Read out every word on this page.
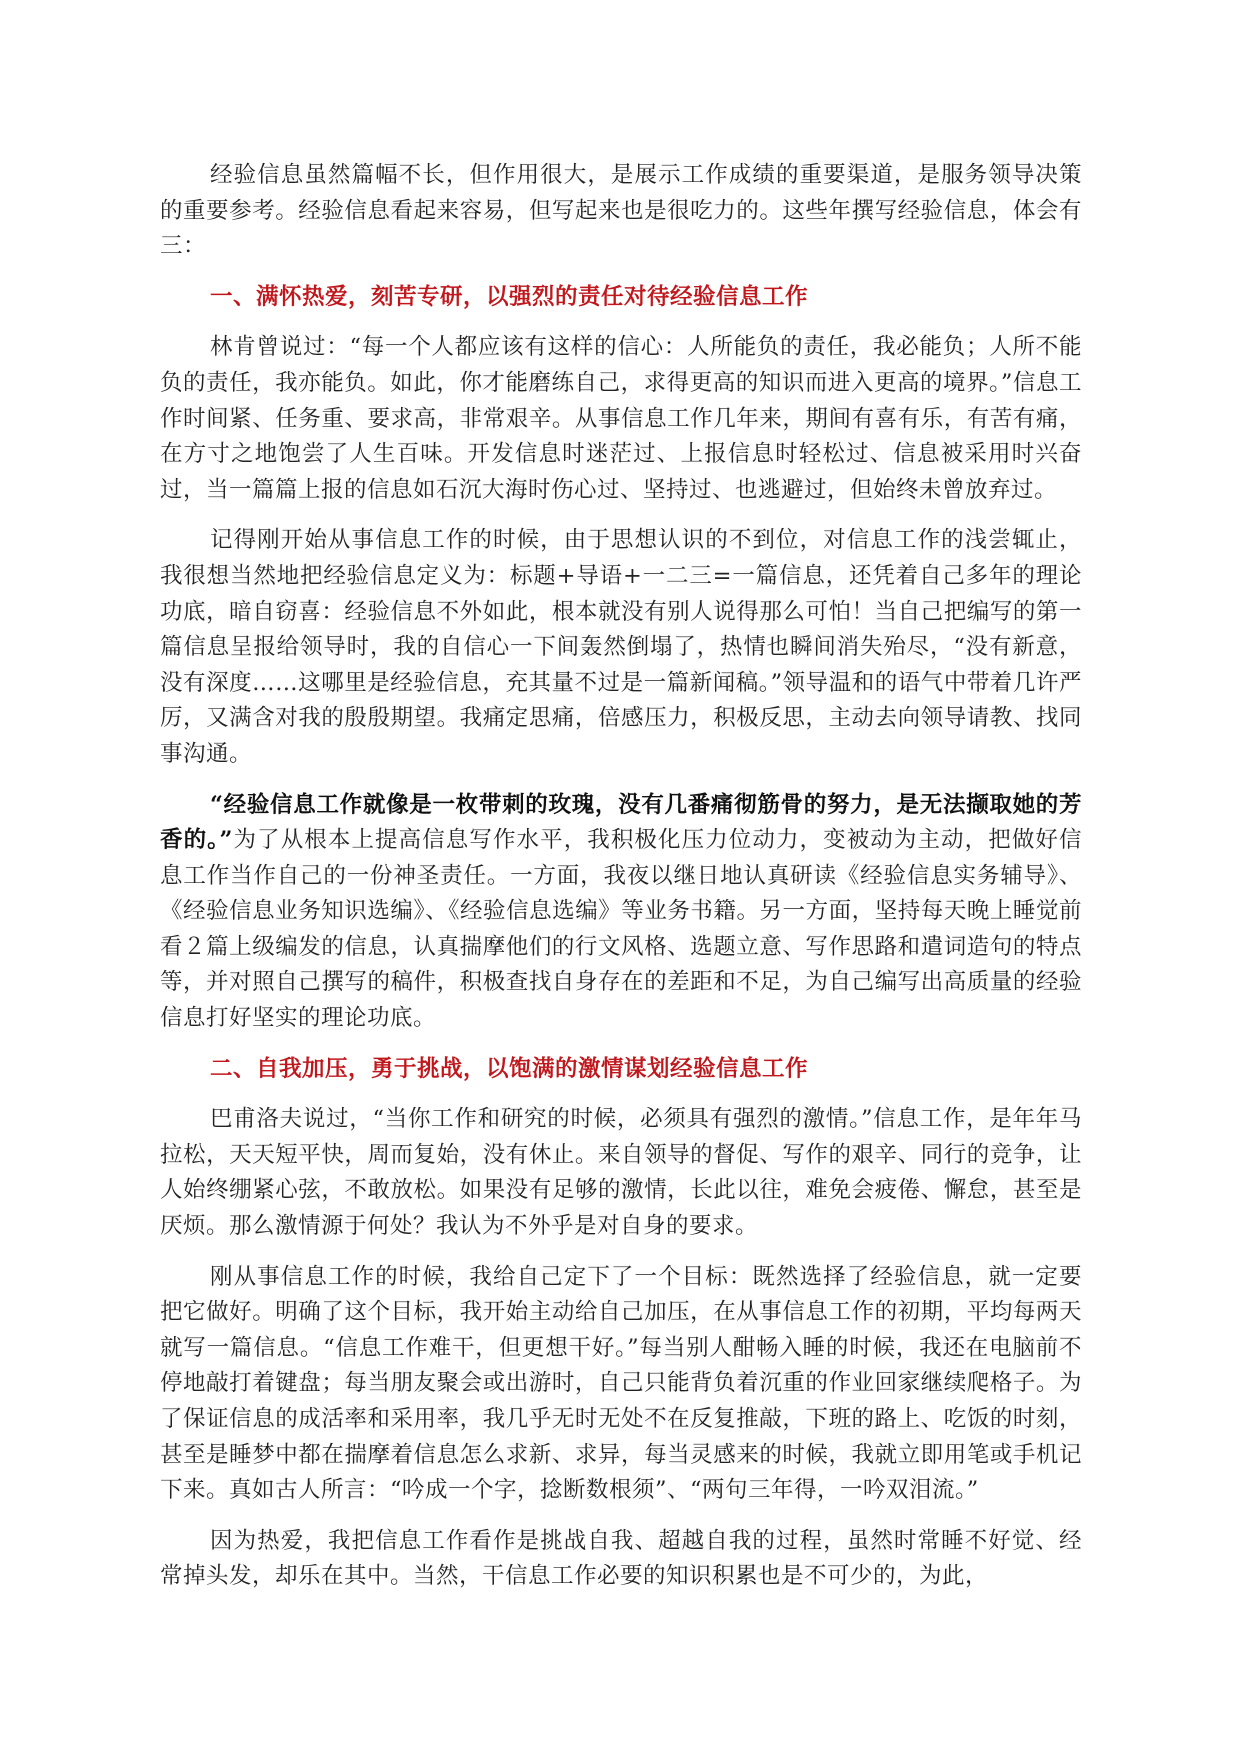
经验信息虽然篇幅不长，但作用很大，是展示工作成绩的重要渠道，是服务领导决策的重要参考。经验信息看起来容易，但写起来也是很吃力的。这些年撰写经验信息，体会有三：

一、满怀热爱，刻苦专研，以强烈的责任对待经验信息工作

林肯曾说过：“每一个人都应该有这样的信心：人所能负的责任，我必能负；人所不能负的责任，我亦能负。如此，你才能磨练自己，求得更高的知识而进入更高的境界。”信息工作时间紧、任务重、要求高，非常艰辛。从事信息工作几年来，期间有喜有乐，有苦有痛，在方寸之地饱尝了人生百味。开发信息时迷茫过、上报信息时轻松过、信息被采用时兴奋过，当一篇篇上报的信息如石沉大海时伤心过、坚持过、也逃避过，但始终未曾放弃过。

记得刚开始从事信息工作的时候，由于思想认识的不到位，对信息工作的浅尝辄止，我很想当然地把经验信息定义为：标题+导语+一二三=一篇信息，还凭着自己多年的理论功底，暗自窃喜：经验信息不外如此，根本就没有别人说得那么可怕！当自己把编写的第一篇信息呈报给领导时，我的自信心一下间轰然倒塌了，热情也瞬间消失殆尽，“没有新意，没有深度……这哪里是经验信息，充其量不过是一篇新闻稿。”领导温和的语气中带着几许严厉，又满含对我的殷殷期望。我痛定思痛，倍感压力，积极反思，主动去向领导请教、找同事沟通。

“经验信息工作就像是一枚带刺的玫瑰，没有几番痛彻筋骨的努力，是无法撷取她的芳香的。”为了从根本上提高信息写作水平，我积极化压力位动力，变被动为主动，把做好信息工作当作自己的一份神圣责任。一方面，我夜以继日地认真研读《经验信息实务辅导》、《经验信息业务知识选编》、《经验信息选编》等业务书籍。另一方面，坚持每天晚上睡觉前看２篇上级编发的信息，认真揣摩他们的行文风格、选题立意、写作思路和遣词造句的特点等，并对照自己撰写的稿件，积极查找自身存在的差距和不足，为自己编写出高质量的经验信息打好坚实的理论功底。

二、自我加压，勇于挑战，以饱满的激情谋划经验信息工作

巴甫洛夫说过，“当你工作和研究的时候，必须具有强烈的激情。”信息工作，是年年马拉松，天天短平快，周而复始，没有休止。来自领导的督促、写作的艰辛、同行的竞争，让人始终绷紧心弦，不敢放松。如果没有足够的激情，长此以往，难免会疲倦、懈怠，甚至是厌烦。那么激情源于何处？我认为不外乎是对自身的要求。

刚从事信息工作的时候，我给自己定下了一个目标：既然选择了经验信息，就一定要把它做好。明确了这个目标，我开始主动给自己加压，在从事信息工作的初期，平均每两天就写一篇信息。“信息工作难干，但更想干好。”每当别人酣畅入睡的时候，我还在电脑前不停地敲打着键盘；每当朋友聚会或出游时，自己只能背负着沉重的作业回家继续爬格子。为了保证信息的成活率和采用率，我几乎无时无处不在反复推敲，下班的路上、吃饭的时刻，甚至是睡梦中都在揣摩着信息怎么求新、求异，每当灵感来的时候，我就立即用笔或手机记下来。真如古人所言：“吟成一个字，捻断数根须”、“两句三年得，一吟双泪流。”

因为热爱，我把信息工作看作是挑战自我、超越自我的过程，虽然时常睡不好觉、经常掉头发，却乐在其中。当然，干信息工作必要的知识积累也是不可少的，为此，
